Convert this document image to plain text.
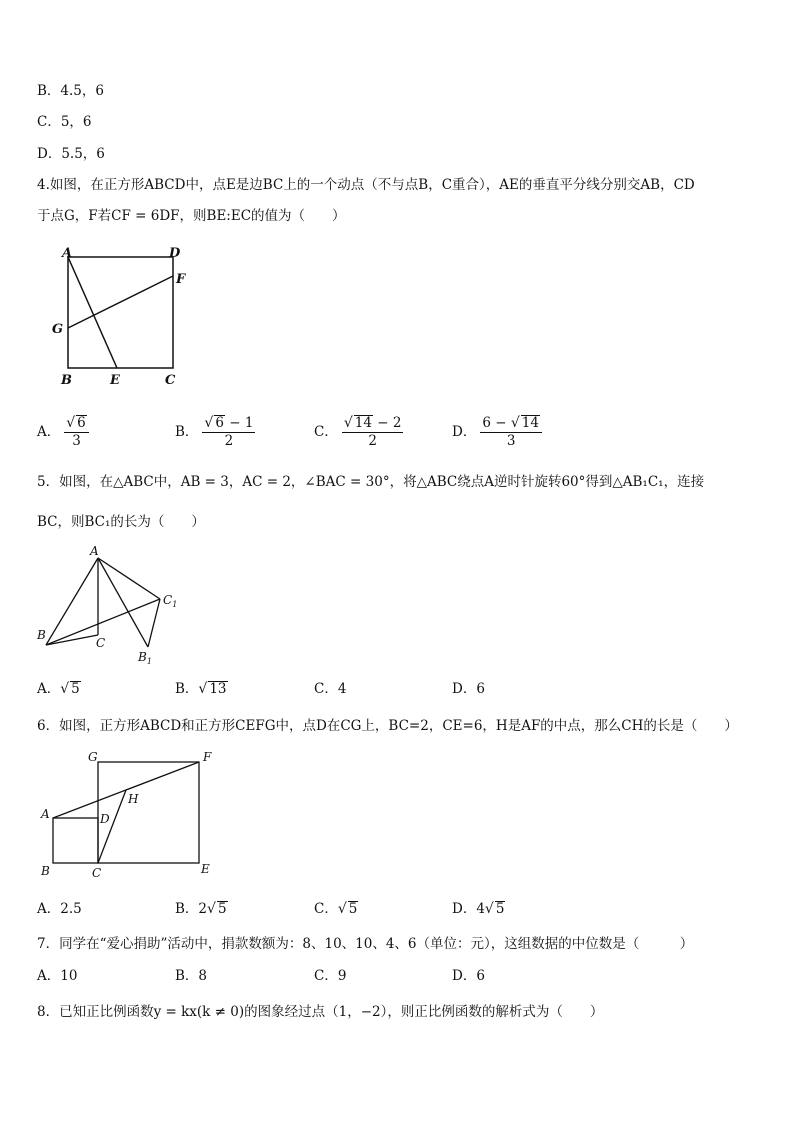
B．4.5，6
C．5，6
D．5.5，6
4.如图，在正方形ABCD中，点E是边BC上的一个动点（不与点B，C重合），AE的垂直平分线分别交AB，CD
于点G，F若CF = 6DF，则BE:EC的值为（　　）
A	D
F
G
B	E	C
A． $\frac{√ 6}{3}$	B． $\frac{√ 6 - 1}{2}$	C． $\frac{√ 14 - 2}{2}$	D． $\frac{6 - √ 14}{3}$
5．如图，在△ABC中，AB = 3，AC = 2，∠BAC = 30°，将△ABC绕点A逆时针旋转60°得到△AB₁C₁，连接
BC，则BC₁的长为（　　）
A
B
C
$C_1$
$B_1$
A．√ 5	B．√ 13	C．4	D．6
6．如图，正方形ABCD和正方形CEFG中，点D在CG上，BC=2，CE=6，H是AF的中点，那么CH的长是（　　）
G	F
H
A	D
B	C	E
A．2.5	B．2√ 5	C．√ 5	D．4√ 5
7．同学在“爱心捐助”活动中，捐款数额为：8、10、10、4、6（单位：元），这组数据的中位数是（　　　）
A．10	B．8	C．9	D．6
8．已知正比例函数y = kx(k ≠ 0)的图象经过点（1，−2），则正比例函数的解析式为（　　）
